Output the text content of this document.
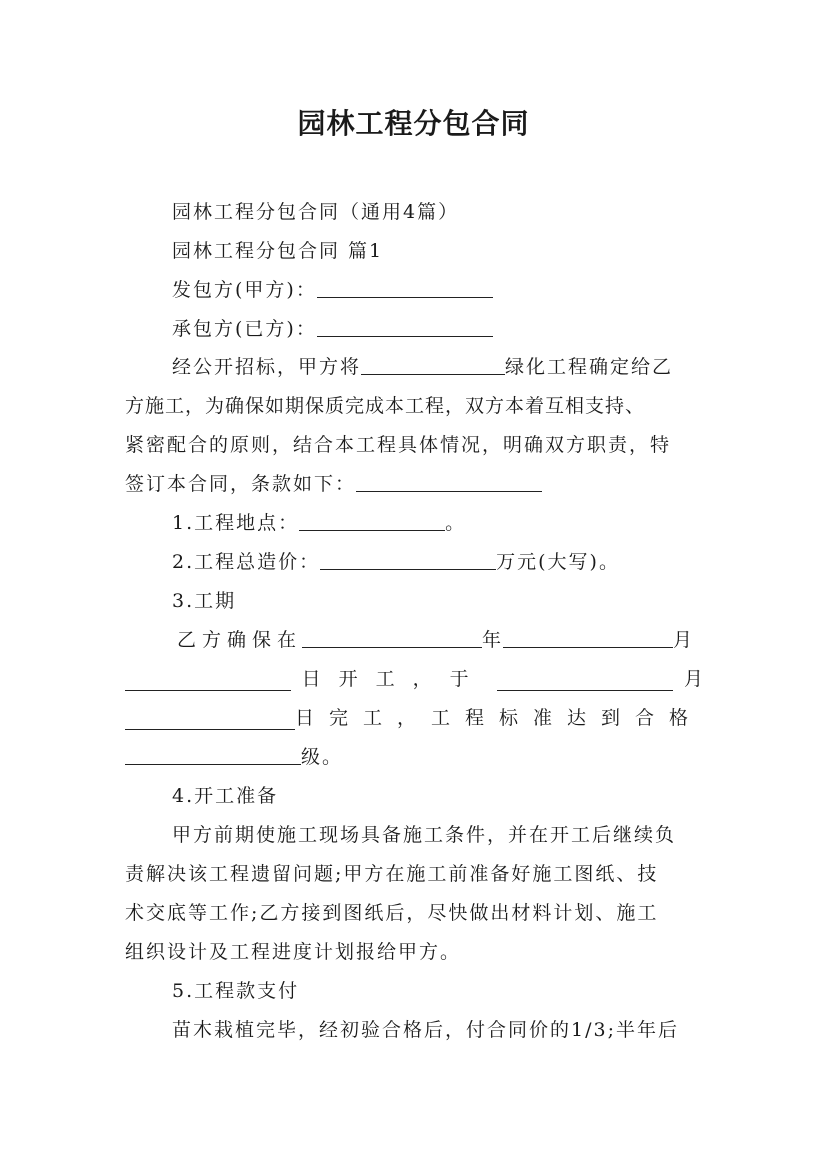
园林工程分包合同
园林工程分包合同（通用4篇）
园林工程分包合同 篇1
发包方(甲方)：
承包方(已方)：
经公开招标，甲方将	绿化工程确定给乙
方施工，为确保如期保质完成本工程，双方本着互相支持、
紧密配合的原则，结合本工程具体情况，明确双方职责，特
签订本合同，条款如下：
1.工程地点：	。
2.工程总造价：	万元(大写)。
3.工期
乙方确保在	年	月
日开工，于	月
日完工，工程标准达到合格
级。
4.开工准备
甲方前期使施工现场具备施工条件，并在开工后继续负
责解决该工程遗留问题;甲方在施工前准备好施工图纸、技
术交底等工作;乙方接到图纸后，尽快做出材料计划、施工
组织设计及工程进度计划报给甲方。
5.工程款支付
苗木栽植完毕，经初验合格后，付合同价的1/3;半年后
